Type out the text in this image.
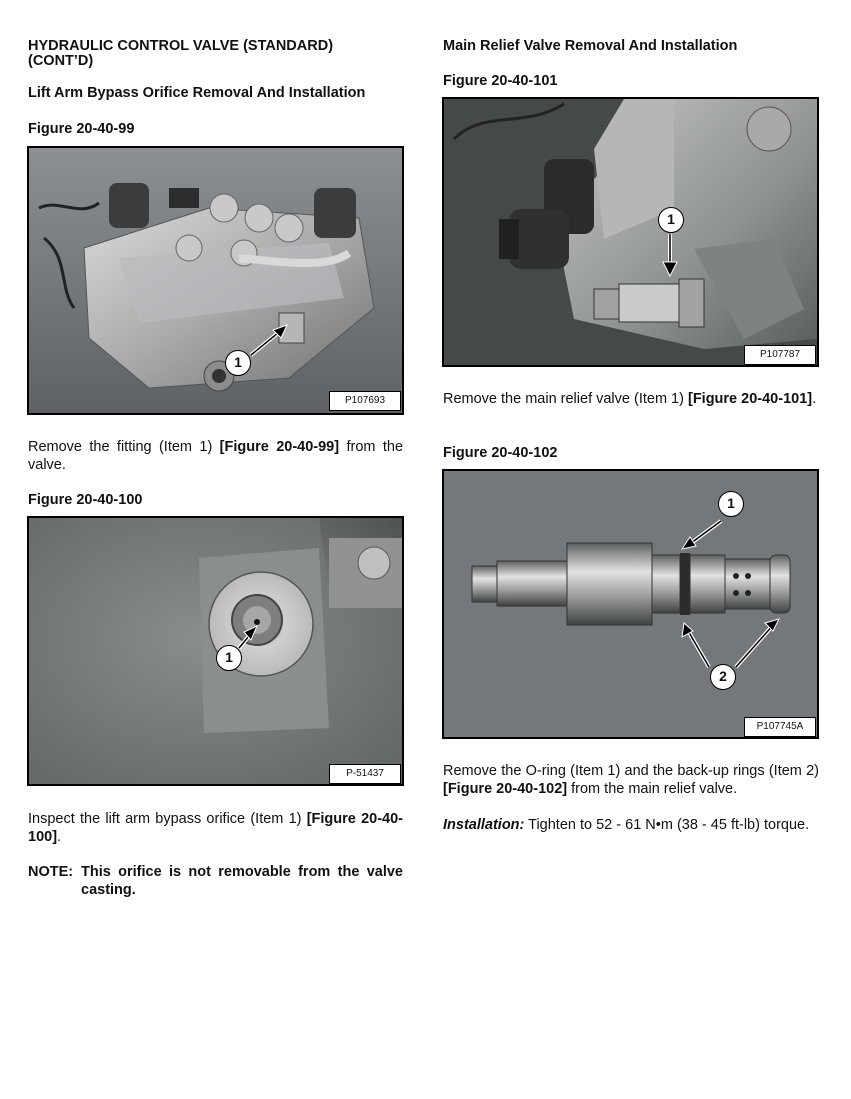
HYDRAULIC CONTROL VALVE (STANDARD)
(CONT’D)
Lift Arm Bypass Orifice Removal And Installation
Figure 20-40-99
1
P107693

Remove the fitting (Item 1) [Figure 20-40-99] from the valve.

Figure 20-40-100
1
P-51437

Inspect the lift arm bypass orifice (Item 1) [Figure 20-40-100].

NOTE: This orifice is not removable from the valve casting.

Main Relief Valve Removal And Installation
Figure 20-40-101
1
P107787

Remove the main relief valve (Item 1) [Figure 20-40-101].

Figure 20-40-102
1
2
P107745A

Remove the O-ring (Item 1) and the back-up rings (Item 2) [Figure 20-40-102] from the main relief valve.

Installation: Tighten to 52 - 61 N•m (38 - 45 ft-lb) torque.
